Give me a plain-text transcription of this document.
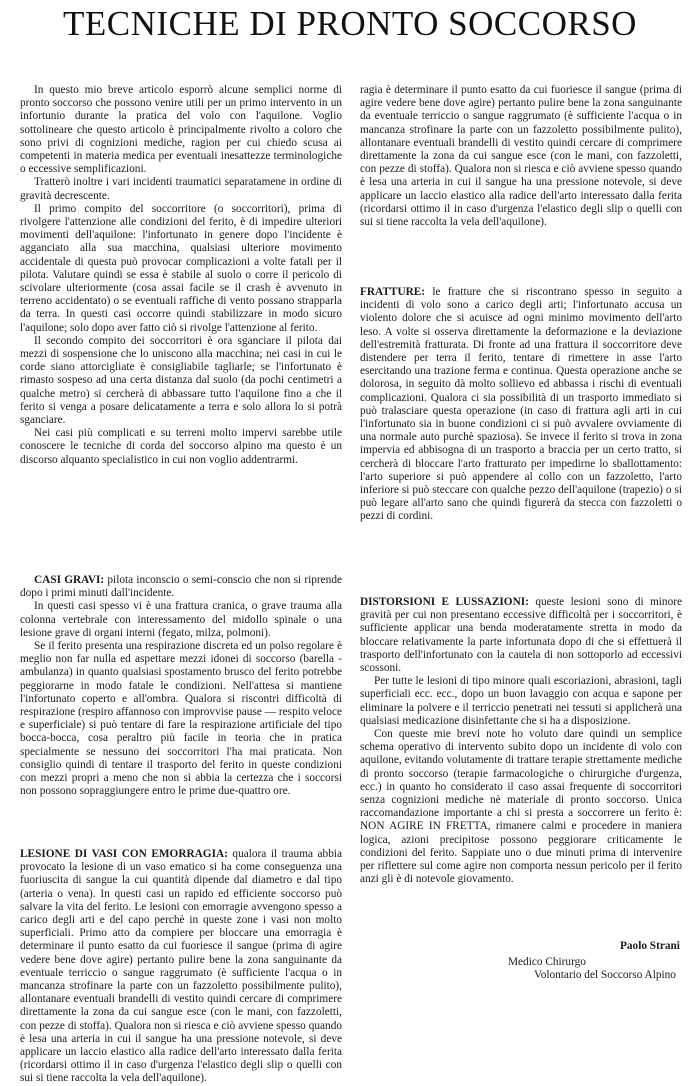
TECNICHE DI PRONTO SOCCORSO

In questo mio breve articolo esporrò alcune semplici norme di pronto soccorso che possono venire utili per un primo intervento in un infortunio durante la pratica del volo con l'aquilone. Voglio sottolineare che questo articolo è principalmente rivolto a coloro che sono privi di cognizioni mediche, ragion per cui chiedo scusa ai competenti in materia medica per eventuali inesattezze terminologiche o eccessive semplificazioni.

Tratterò inoltre i vari incidenti traumatici separatamene in ordine di gravità decrescente.

Il primo compito del soccorritore (o soccorritori), prima di rivolgere l'attenzione alle condizioni del ferito, è di impedire ulteriori movimenti dell'aquilone: l'infortunato in genere dopo l'incidente è agganciato alla sua macchina, qualsiasi ulteriore movimento accidentale di questa può provocar complicazioni a volte fatali per il pilota. Valutare quindi se essa è stabile al suolo o corre il pericolo di scivolare ulteriormente (cosa assai facile se il crash è avvenuto in terreno accidentato) o se eventuali raffiche di vento possano strapparla da terra. In questi casi occorre quindi stabilizzare in modo sicuro l'aquilone; solo dopo aver fatto ciò si rivolge l'attenzione al ferito.

Il secondo compito dei soccorritori è ora sganciare il pilota dai mezzi di sospensione che lo uniscono alla macchina; nei casi in cui le corde siano attorcigliate è consigliabile tagliarle; se l'infortunato è rimasto sospeso ad una certa distanza dal suolo (da pochi centimetri a qualche metro) si cercherà di abbassare tutto l'aquilone fino a che il ferito si venga a posare delicatamente a terra e solo allora lo si potrà sganciare.

Nei casi più complicati e su terreni molto impervi sarebbe utile conoscere le tecniche di corda del soccorso alpino ma questo è un discorso alquanto specialistico in cui non voglio addentrarmi.

CASI GRAVI: pilota inconscio o semi-conscio che non si riprende dopo i primi minuti dall'incidente.

In questi casi spesso vi è una frattura cranica, o grave trauma alla colonna vertebrale con interessamento del midollo spinale o una lesione grave di organi interni (fegato, milza, polmoni).

Se il ferito presenta una respirazione discreta ed un polso regolare è meglio non far nulla ed aspettare mezzi idonei di soccorso (barella - ambulanza) in quanto qualsiasi spostamento brusco del ferito potrebbe peggiorarne in modo fatale le condizioni. Nell'attesa si mantiene l'infortunato coperto e all'ombra. Qualora si riscontri difficoltà di respirazione (respiro affannoso con improvvise pause — respito veloce e superficiale) si può tentare di fare la respirazione artificiale del tipo bocca-bocca, cosa peraltro più facile in teoria che in pratica specialmente se nessuno dei soccorritori l'ha mai praticata. Non consiglio quindi di tentare il trasporto del ferito in queste condizioni con mezzi propri a meno che non si abbia la certezza che i soccorsi non possono sopraggiungere entro le prime due-quattro ore.

LESIONE DI VASI CON EMORRAGIA: qualora il trauma abbia provocato la lesione di un vaso ematico si ha come conseguenza una fuoriuscita di sangue la cui quantità dipende dal diametro e dal tipo (arteria o vena). In questi casi un rapido ed efficiente soccorso può salvare la vita del ferito. Le lesioni con emorragie avvengono spesso a carico degli arti e del capo perchè in queste zone i vasi non molto superficiali. Primo atto da compiere per bloccare una emorragia è determinare il punto esatto da cui fuoriesce il sangue (prima di agire vedere bene dove agire) pertanto pulire bene la zona sanguinante da eventuale terriccio o sangue raggrumato (è sufficiente l'acqua o in mancanza strofinare la parte con un fazzoletto possibilmente pulito), allontanare eventuali brandelli di vestito quindi cercare di comprimere direttamente la zona da cui sangue esce (con le mani, con fazzoletti, con pezze di stoffa). Qualora non si riesca e ciò avviene spesso quando è lesa una arteria in cui il sangue ha una pressione notevole, si deve applicare un laccio elastico alla radice dell'arto interessato dalla ferita (ricordarsi ottimo il in caso d'urgenza l'elastico degli slip o quelli con sui si tiene raccolta la vela dell'aquilone).

ragia è determinare il punto esatto da cui fuoriesce il sangue (prima di agire vedere bene dove agire) pertanto pulire bene la zona sanguinante da eventuale terriccio o sangue raggrumato (è sufficiente l'acqua o in mancanza strofinare la parte con un fazzoletto possibilmente pulito), allontanare eventuali brandelli di vestito quindi cercare di comprimere direttamente la zona da cui sangue esce (con le mani, con fazzoletti, con pezze di stoffa). Qualora non si riesca e ciò avviene spesso quando è lesa una arteria in cui il sangue ha una pressione notevole, si deve applicare un laccio elastico alla radice dell'arto interessato dalla ferita (ricordarsi ottimo il in caso d'urgenza l'elastico degli slip o quelli con sui si tiene raccolta la vela dell'aquilone).

FRATTURE: le fratture che si riscontrano spesso in seguito a incidenti di volo sono a carico degli arti; l'infortunato accusa un violento dolore che si acuisce ad ogni minimo movimento dell'arto leso. A volte si osserva direttamente la deformazione e la deviazione dell'estremità fratturata. Di fronte ad una frattura il soccorritore deve distendere per terra il ferito, tentare di rimettere in asse l'arto esercitando una trazione ferma e continua. Questa operazione anche se dolorosa, in seguito dà molto sollievo ed abbassa i rischi di eventuali complicazioni. Qualora ci sia possibilità di un trasporto immediato si può tralasciare questa operazione (in caso di frattura agli arti in cui l'infortunato sia in buone condizioni ci si può avvalere ovviamente di una normale auto purchè spaziosa). Se invece il ferito si trova in zona impervia ed abbisogna di un trasporto a braccia per un certo tratto, si cercherà di bloccare l'arto fratturato per impedirne lo sballottamento: l'arto superiore si può appendere al collo con un fazzoletto, l'arto inferiore si può steccare con qualche pezzo dell'aquilone (trapezio) o si può legare all'arto sano che quindi figurerà da stecca con fazzoletti o pezzi di cordini.

DISTORSIONI E LUSSAZIONI: queste lesioni sono di minore gravità per cui non presentano eccessive difficoltà per i soccorritori, è sufficiente applicar una benda moderatamente stretta in modo da bloccare relativamente la parte infortunata dopo di che si effettuerà il trasporto dell'infortunato con la cautela di non sottoporlo ad eccessivi scossoni.

Per tutte le lesioni di tipo minore quali escoriazioni, abrasioni, tagli superficiali ecc. ecc., dopo un buon lavaggio con acqua e sapone per eliminare la polvere e il terriccio penetrati nei tessuti si applicherà una qualsiasi medicazione disinfettante che si ha a disposizione.

Con queste mie brevi note ho voluto dare quindi un semplice schema operativo di intervento subito dopo un incidente di volo con aquilone, evitando volutamente di trattare terapie strettamente mediche di pronto soccorso (terapie farmacologiche o chirurgiche d'urgenza, ecc.) in quanto ho considerato il caso assai frequente di soccorritori senza cognizioni mediche nè materiale di pronto soccorso. Unica raccomandazione importante a chi si presta a soccorrere un ferito è: NON AGIRE IN FRETTA, rimanere calmi e procedere in maniera logica, azioni precipitose possono peggiorare criticamente le condizioni del ferito. Sappiate uno o due minuti prima di intervenire per riflettere sul come agire non comporta nessun pericolo per il ferito anzi gli è di notevole giovamento.

Paolo Strani
Medico Chirurgo
Volontario del Soccorso Alpino
